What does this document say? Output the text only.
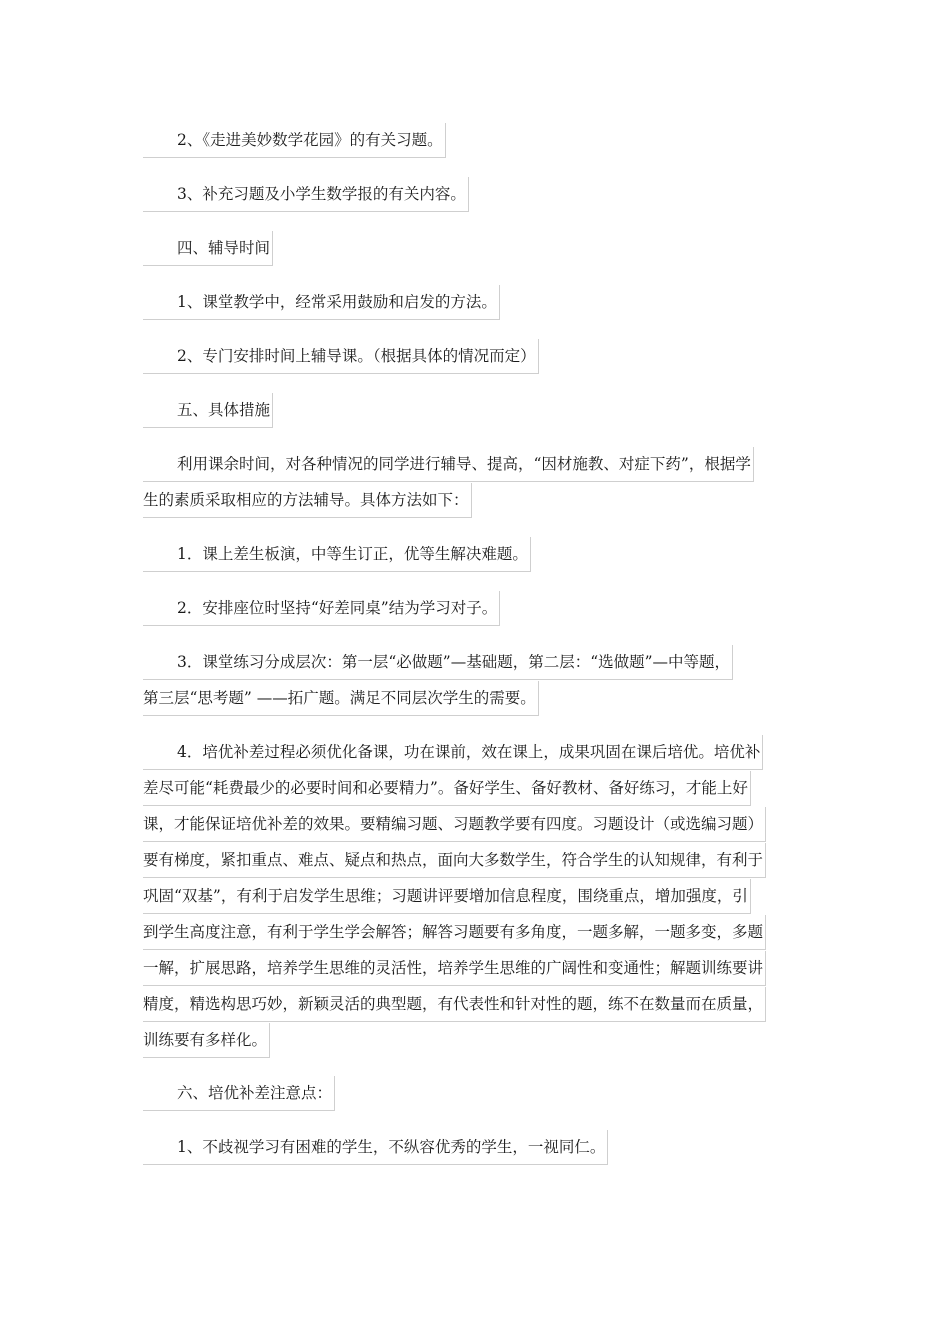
2、《走进美妙数学花园》的有关习题。
3、补充习题及小学生数学报的有关内容。
四、辅导时间
1、课堂教学中，经常采用鼓励和启发的方法。
2、专门安排时间上辅导课。（根据具体的情况而定）
五、具体措施
利用课余时间，对各种情况的同学进行辅导、提高，“因材施教、对症下药”，根据学
生的素质采取相应的方法辅导。具体方法如下：
1．课上差生板演，中等生订正，优等生解决难题。
2．安排座位时坚持“好差同桌”结为学习对子。
3．课堂练习分成层次：第一层“必做题”—基础题，第二层：“选做题”—中等题，
第三层“思考题” ——拓广题。满足不同层次学生的需要。
4．培优补差过程必须优化备课，功在课前，效在课上，成果巩固在课后培优。培优补
差尽可能“耗费最少的必要时间和必要精力”。备好学生、备好教材、备好练习，才能上好
课，才能保证培优补差的效果。要精编习题、习题教学要有四度。习题设计（或选编习题）
要有梯度，紧扣重点、难点、疑点和热点，面向大多数学生，符合学生的认知规律，有利于
巩固“双基”，有利于启发学生思维；习题讲评要增加信息程度，围绕重点，增加强度，引
到学生高度注意，有利于学生学会解答；解答习题要有多角度，一题多解，一题多变，多题
一解，扩展思路，培养学生思维的灵活性，培养学生思维的广阔性和变通性；解题训练要讲
精度，精选构思巧妙，新颖灵活的典型题，有代表性和针对性的题，练不在数量而在质量，
训练要有多样化。
六、培优补差注意点：
1、不歧视学习有困难的学生，不纵容优秀的学生，一视同仁。
